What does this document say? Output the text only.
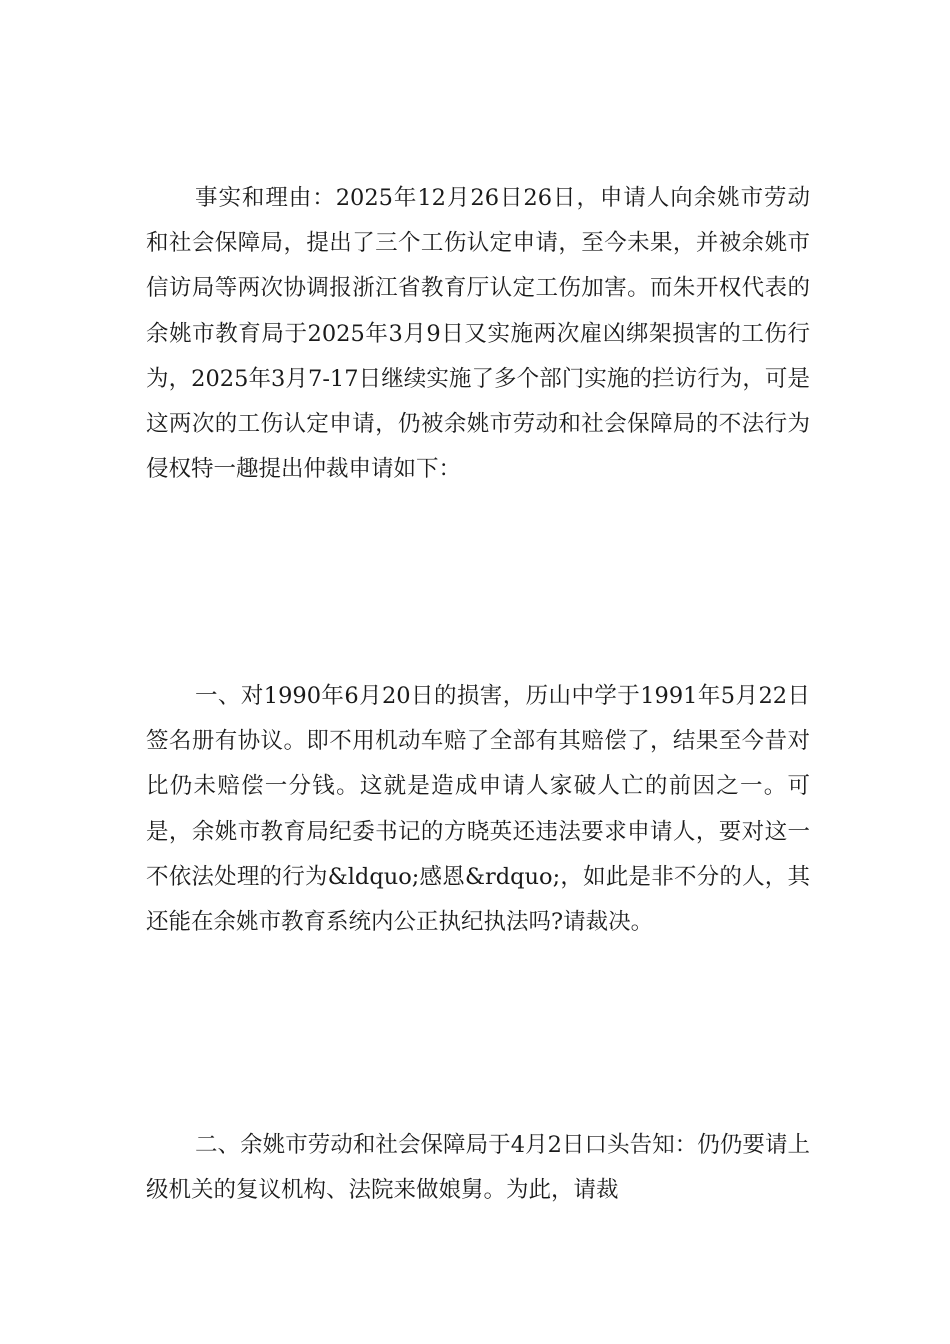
事实和理由：2025年12月26日26日，申请人向余姚市劳动和社会保障局，提出了三个工伤认定申请，至今未果，并被余姚市信访局等两次协调报浙江省教育厅认定工伤加害。而朱开权代表的余姚市教育局于2025年3月9日又实施两次雇凶绑架损害的工伤行为，2025年3月7-17日继续实施了多个部门实施的拦访行为，可是这两次的工伤认定申请，仍被余姚市劳动和社会保障局的不法行为侵权特一趣提出仲裁申请如下：

一、对1990年6月20日的损害，历山中学于1991年5月22日签名册有协议。即不用机动车赔了全部有其赔偿了，结果至今昔对比仍未赔偿一分钱。这就是造成申请人家破人亡的前因之一。可是，余姚市教育局纪委书记的方晓英还违法要求申请人，要对这一不依法处理的行为&ldquo;感恩&rdquo;，如此是非不分的人，其还能在余姚市教育系统内公正执纪执法吗?请裁决。

二、余姚市劳动和社会保障局于4月2日口头告知：仍仍要请上级机关的复议机构、法院来做娘舅。为此，请裁
